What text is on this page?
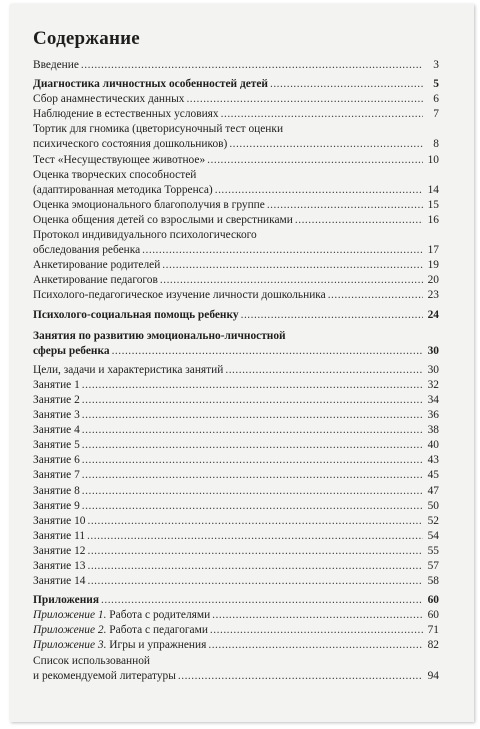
Содержание
Введение .....	3
Диагностика личностных особенностей детей .....	5
Сбор анамнестических данных .....	6
Наблюдение в естественных условиях .....	7
Тортик для гномика (цветорисуночный тест оценки
психического состояния дошкольников) .....	8
Тест «Несуществующее животное» .....	10
Оценка творческих способностей
(адаптированная методика Торренса) .....	14
Оценка эмоционального благополучия в группе .....	15
Оценка общения детей со взрослыми и сверстниками .....	16
Протокол индивидуального психологического
обследования ребенка .....	17
Анкетирование родителей .....	19
Анкетирование педагогов .....	20
Психолого-педагогическое изучение личности дошкольника .....	23
Психолого-социальная помощь ребенку .....	24
Занятия по развитию эмоционально-личностной
сферы ребенка .....	30
Цели, задачи и характеристика занятий .....	30
Занятие 1 .....	32
Занятие 2 .....	34
Занятие 3 .....	36
Занятие 4 .....	38
Занятие 5 .....	40
Занятие 6 .....	43
Занятие 7 .....	45
Занятие 8 .....	47
Занятие 9 .....	50
Занятие 10 .....	52
Занятие 11 .....	54
Занятие 12 .....	55
Занятие 13 .....	57
Занятие 14 .....	58
Приложения .....	60
Приложение 1. Работа с родителями .....	60
Приложение 2. Работа с педагогами .....	71
Приложение 3. Игры и упражнения .....	82
Список использованной
и рекомендуемой литературы .....	94
